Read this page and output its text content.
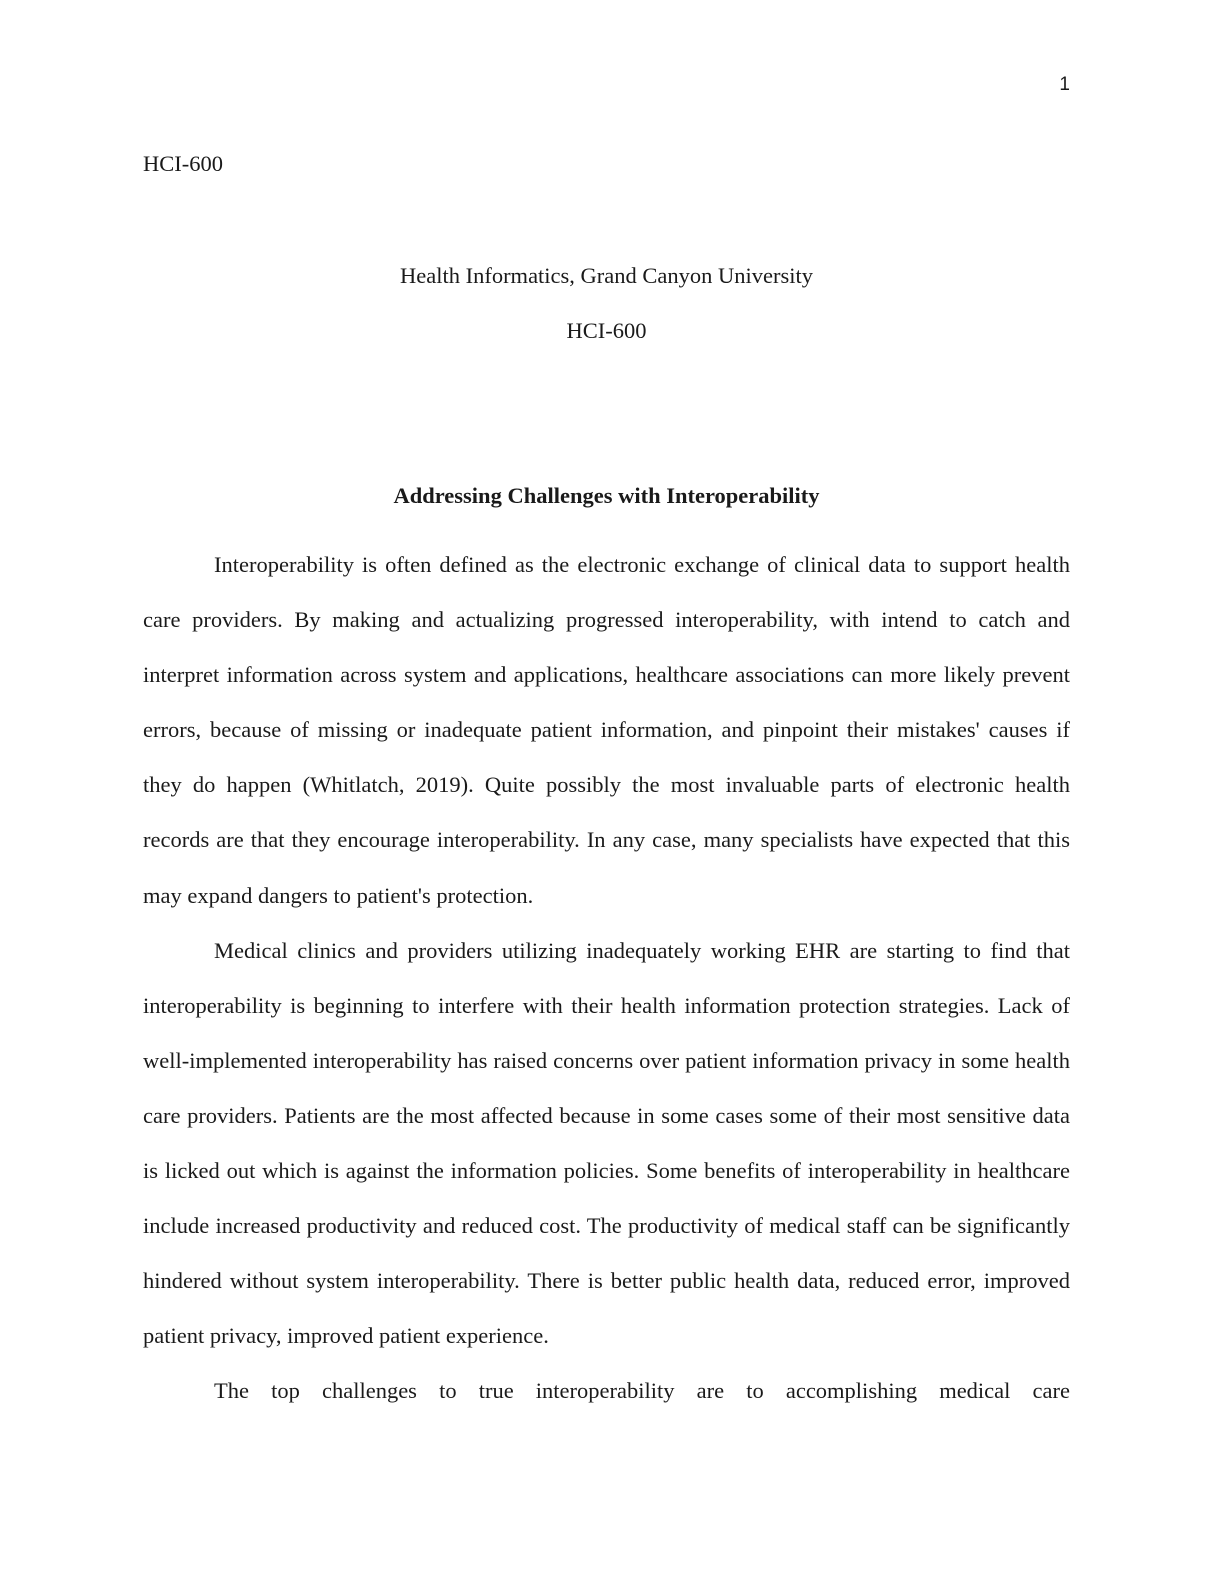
1
HCI-600
Health Informatics, Grand Canyon University
HCI-600
Addressing Challenges with Interoperability

Interoperability is often defined as the electronic exchange of clinical data to support health care providers. By making and actualizing progressed interoperability, with intend to catch and interpret information across system and applications, healthcare associations can more likely prevent errors, because of missing or inadequate patient information, and pinpoint their mistakes' causes if they do happen (Whitlatch, 2019). Quite possibly the most invaluable parts of electronic health records are that they encourage interoperability. In any case, many specialists have expected that this may expand dangers to patient's protection.

Medical clinics and providers utilizing inadequately working EHR are starting to find that interoperability is beginning to interfere with their health information protection strategies. Lack of well-implemented interoperability has raised concerns over patient information privacy in some health care providers. Patients are the most affected because in some cases some of their most sensitive data is licked out which is against the information policies. Some benefits of interoperability in healthcare include increased productivity and reduced cost. The productivity of medical staff can be significantly hindered without system interoperability. There is better public health data, reduced error, improved patient privacy, improved patient experience.

The top challenges to true interoperability are to accomplishing medical care
